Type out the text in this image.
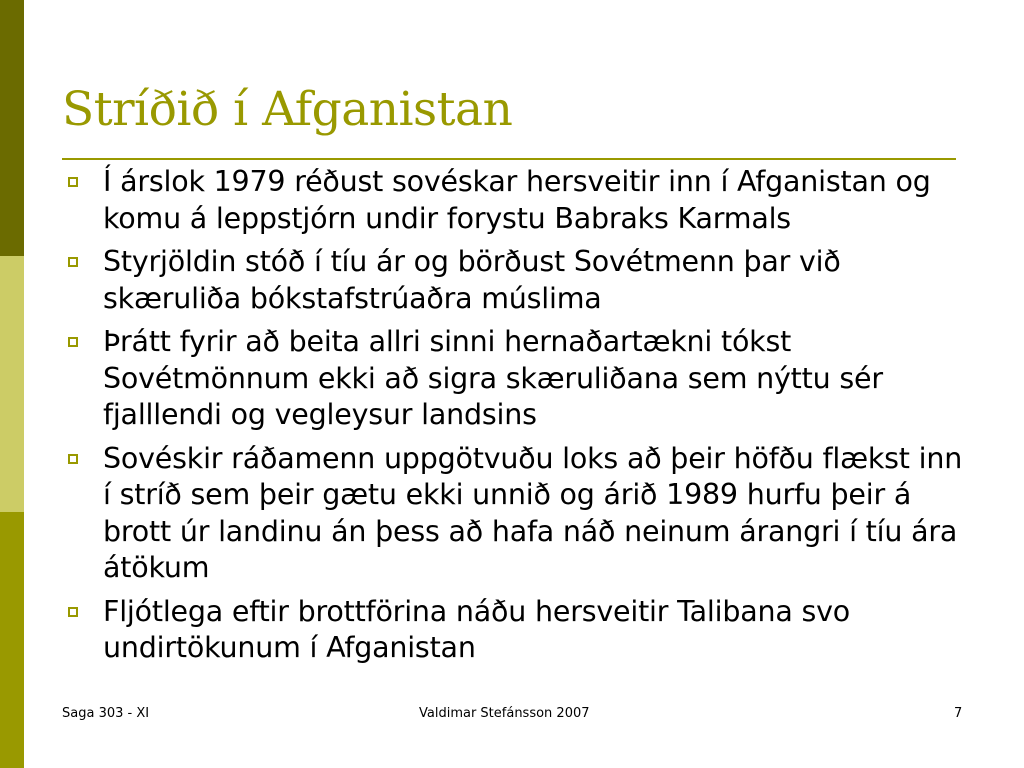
Stríðið í Afganistan
Í árslok 1979 réðust sovéskar hersveitir inn í Afganistan og komu á leppstjórn undir forystu Babraks Karmals
Styrjöldin stóð í tíu ár og börðust Sovétmenn þar við skæruliða bókstafstrúaðra múslima
Þrátt fyrir að beita allri sinni hernaðartækni tókst Sovétmönnum ekki að sigra skæruliðana sem nýttu sér fjalllendi og vegleysur landsins
Sovéskir ráðamenn uppgötvuðu loks að þeir höfðu flækst inn í stríð sem þeir gætu ekki unnið og árið 1989 hurfu þeir á brott úr landinu án þess að hafa náð neinum árangri í tíu ára átökum
Fljótlega eftir brottförina náðu hersveitir Talibana svo undirtökunum í Afganistan
Saga 303 - XI	Valdimar Stefánsson 2007	7
